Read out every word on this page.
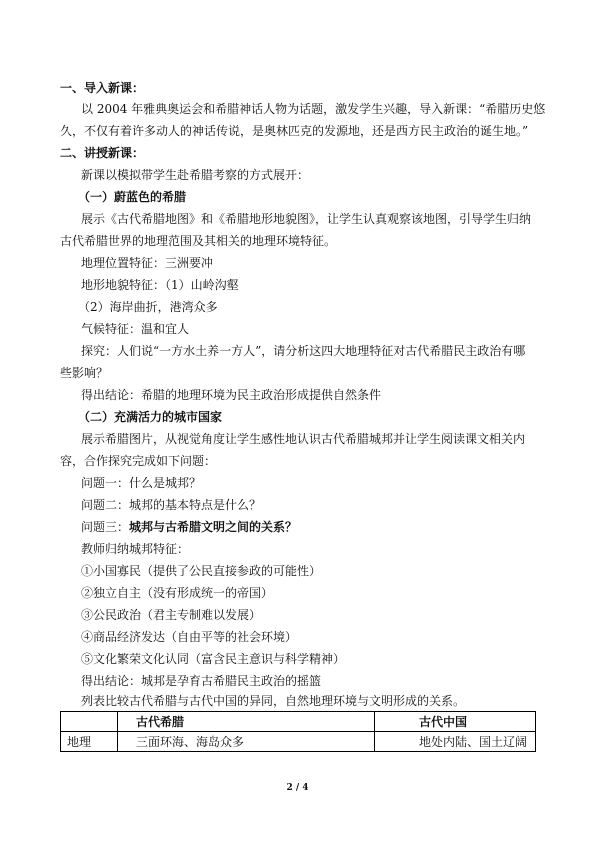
一、导入新课：
以 2004 年雅典奥运会和希腊神话人物为话题，激发学生兴趣，导入新课：“希腊历史悠
久，不仅有着许多动人的神话传说，是奥林匹克的发源地，还是西方民主政治的诞生地。”
二、讲授新课：
新课以模拟带学生赴希腊考察的方式展开：
（一）蔚蓝色的希腊
展示《古代希腊地图》和《希腊地形地貌图》，让学生认真观察该地图，引导学生归纳
古代希腊世界的地理范围及其相关的地理环境特征。
地理位置特征：三洲要冲
地形地貌特征：（1）山岭沟壑
（2）海岸曲折，港湾众多
气候特征：温和宜人
探究：人们说“一方水土养一方人”，请分析这四大地理特征对古代希腊民主政治有哪
些影响？
得出结论：希腊的地理环境为民主政治形成提供自然条件
（二）充满活力的城市国家
展示希腊图片，从视觉角度让学生感性地认识古代希腊城邦并让学生阅读课文相关内
容，合作探究完成如下问题：
问题一：什么是城邦？
问题二：城邦的基本特点是什么？
问题三：城邦与古希腊文明之间的关系？
教师归纳城邦特征：
①小国寡民（提供了公民直接参政的可能性）
②独立自主（没有形成统一的帝国）
③公民政治（君主专制难以发展）
④商品经济发达（自由平等的社会环境）
⑤文化繁荣文化认同（富含民主意识与科学精神）
得出结论：城邦是孕育古希腊民主政治的摇篮
列表比较古代希腊与古代中国的异同，自然地理环境与文明形成的关系。
	古代希腊	古代中国
地理	三面环海、海岛众多	地处内陆、国土辽阔
2 / 4
